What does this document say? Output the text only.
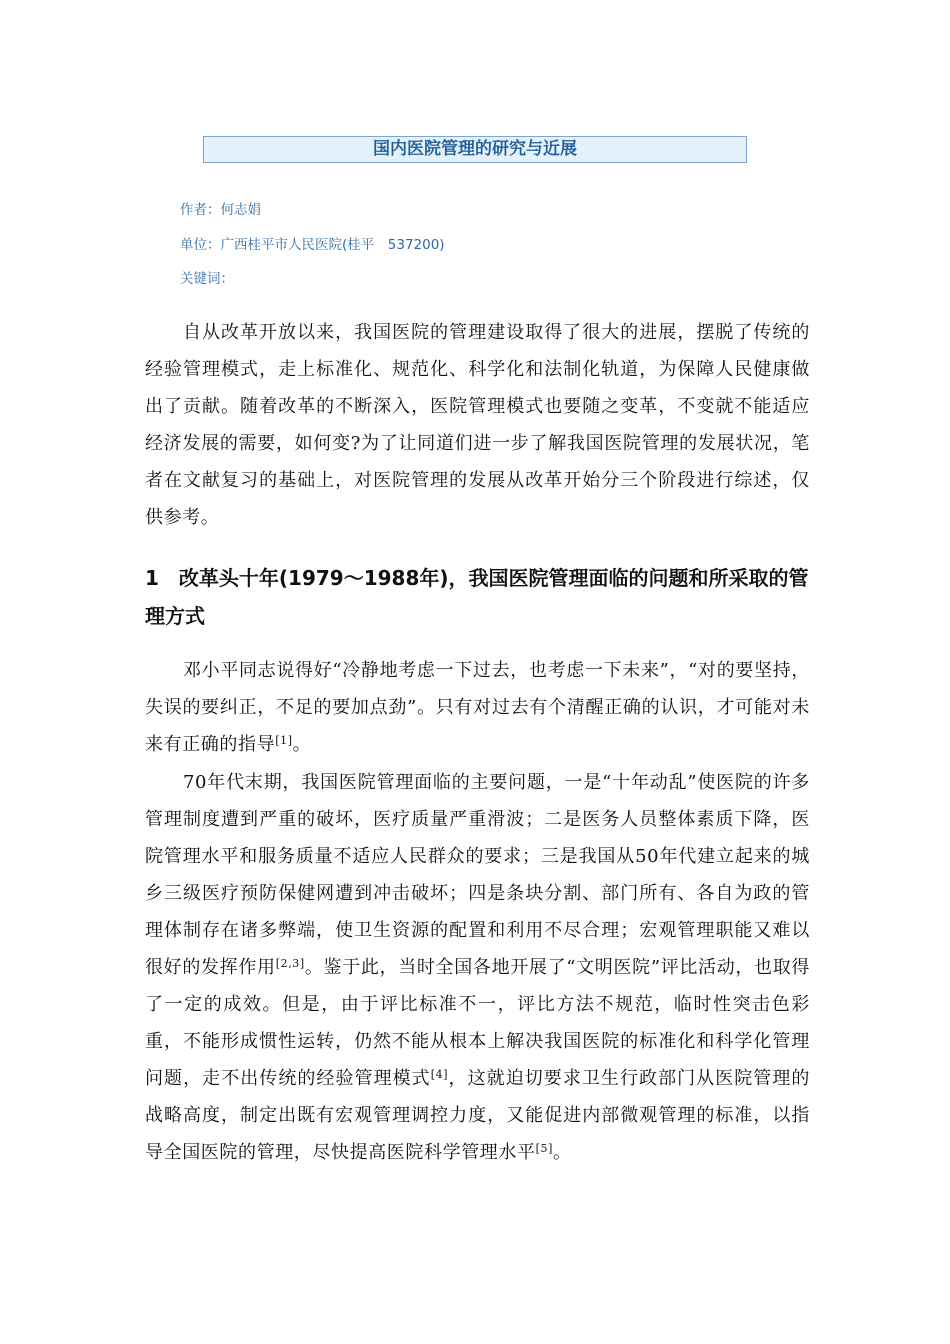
国内医院管理的研究与近展
作者：何志娟
单位：广西桂平市人民医院(桂平　537200)
关键词：

自从改革开放以来，我国医院的管理建设取得了很大的进展，摆脱了传统的经验管理模式，走上标准化、规范化、科学化和法制化轨道，为保障人民健康做出了贡献。随着改革的不断深入，医院管理模式也要随之变革，不变就不能适应经济发展的需要，如何变?为了让同道们进一步了解我国医院管理的发展状况，笔者在文献复习的基础上，对医院管理的发展从改革开始分三个阶段进行综述，仅供参考。

1　改革头十年(1979～1988年)，我国医院管理面临的问题和所采取的管理方式

邓小平同志说得好“冷静地考虑一下过去，也考虑一下未来”，“对的要坚持，失误的要纠正，不足的要加点劲”。只有对过去有个清醒正确的认识，才可能对未来有正确的指导[1]。

70年代末期，我国医院管理面临的主要问题，一是“十年动乱”使医院的许多管理制度遭到严重的破坏，医疗质量严重滑波；二是医务人员整体素质下降，医院管理水平和服务质量不适应人民群众的要求；三是我国从50年代建立起来的城乡三级医疗预防保健网遭到冲击破坏；四是条块分割、部门所有、各自为政的管理体制存在诸多弊端，使卫生资源的配置和利用不尽合理；宏观管理职能又难以很好的发挥作用[2,3]。鉴于此，当时全国各地开展了“文明医院”评比活动，也取得了一定的成效。但是，由于评比标准不一，评比方法不规范，临时性突击色彩重，不能形成惯性运转，仍然不能从根本上解决我国医院的标准化和科学化管理问题，走不出传统的经验管理模式[4]，这就迫切要求卫生行政部门从医院管理的战略高度，制定出既有宏观管理调控力度，又能促进内部微观管理的标准，以指导全国医院的管理，尽快提高医院科学管理水平[5]。
